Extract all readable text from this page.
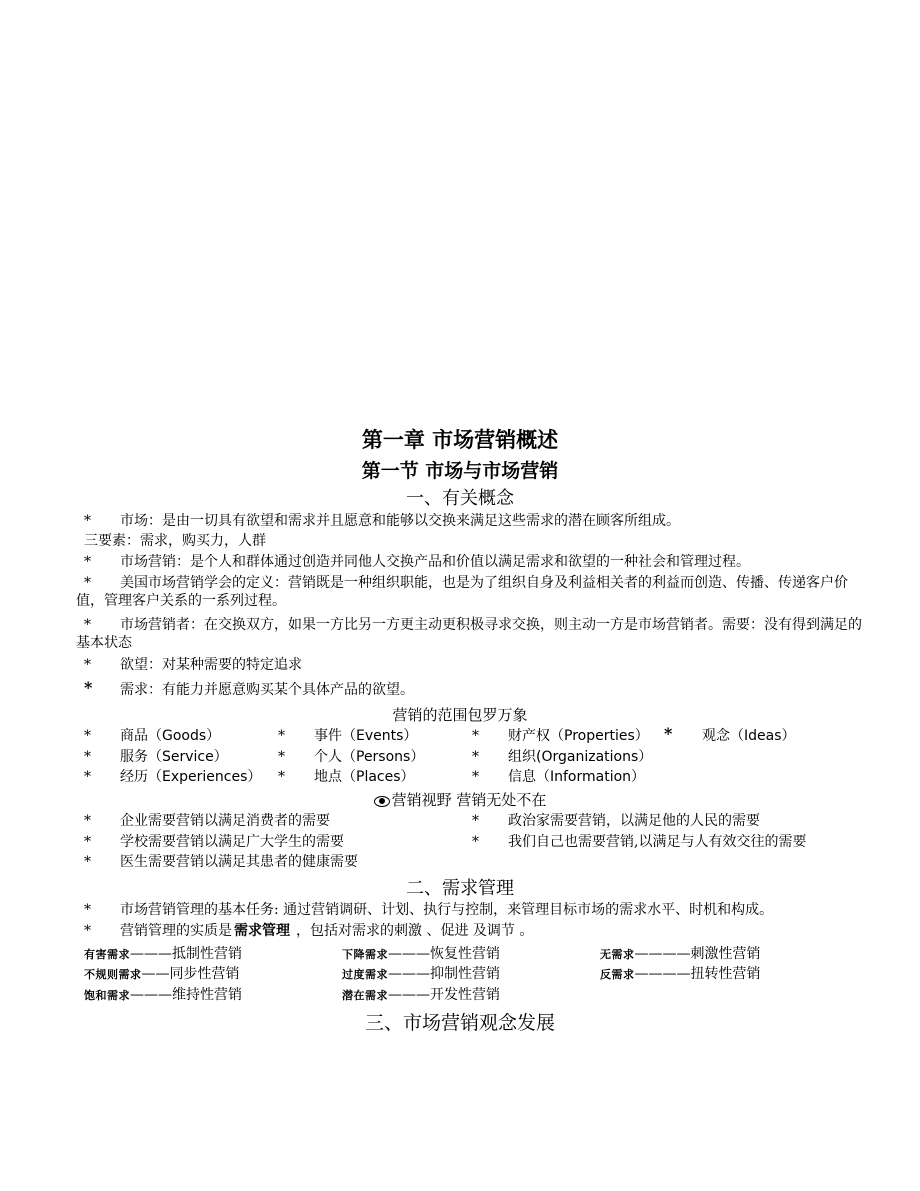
第一章 市场营销概述
第一节 市场与市场营销
一、有关概念
* 市场：是由一切具有欲望和需求并且愿意和能够以交换来满足这些需求的潜在顾客所组成。
三要素：需求，购买力，人群
* 市场营销：是个人和群体通过创造并同他人交换产品和价值以满足需求和欲望的一种社会和管理过程。
*	美国市场营销学会的定义：营销既是一种组织职能，也是为了组织自身及利益相关者的利益而创造、传播、传递客户价值，管理客户关系的一系列过程。
*	市场营销者：在交换双方，如果一方比另一方更主动更积极寻求交换，则主动一方是市场营销者。需要：没有得到满足的基本状态
* 欲望：对某种需要的特定追求
* 需求：有能力并愿意购买某个具体产品的欲望。
营销的范围包罗万象
* 商品（Goods）	* 事件（Events）	* 财产权（Properties） * 观念（Ideas）
* 服务（Service）	* 个人（Persons）	* 组织(Organizations）
* 经历（Experiences） * 地点（Places）	* 信息（Information）
营销视野 营销无处不在
* 企业需要营销以满足消费者的需要	* 政治家需要营销，以满足他的人民的需要
* 学校需要营销以满足广大学生的需要	* 我们自己也需要营销,以满足与人有效交往的需要
* 医生需要营销以满足其患者的健康需要
二、需求管理
* 市场营销管理的基本任务: 通过营销调研、计划、执行与控制，来管理目标市场的需求水平、时机和构成。
* 营销管理的实质是 需求管理 ，包括对需求的刺激 、促进 及调节 。
有害需求———抵制性营销	下降需求———恢复性营销	无需求————刺激性营销
不规则需求——同步性营销	过度需求———抑制性营销	反需求————扭转性营销
饱和需求———维持性营销	潜在需求———开发性营销
三、市场营销观念发展
